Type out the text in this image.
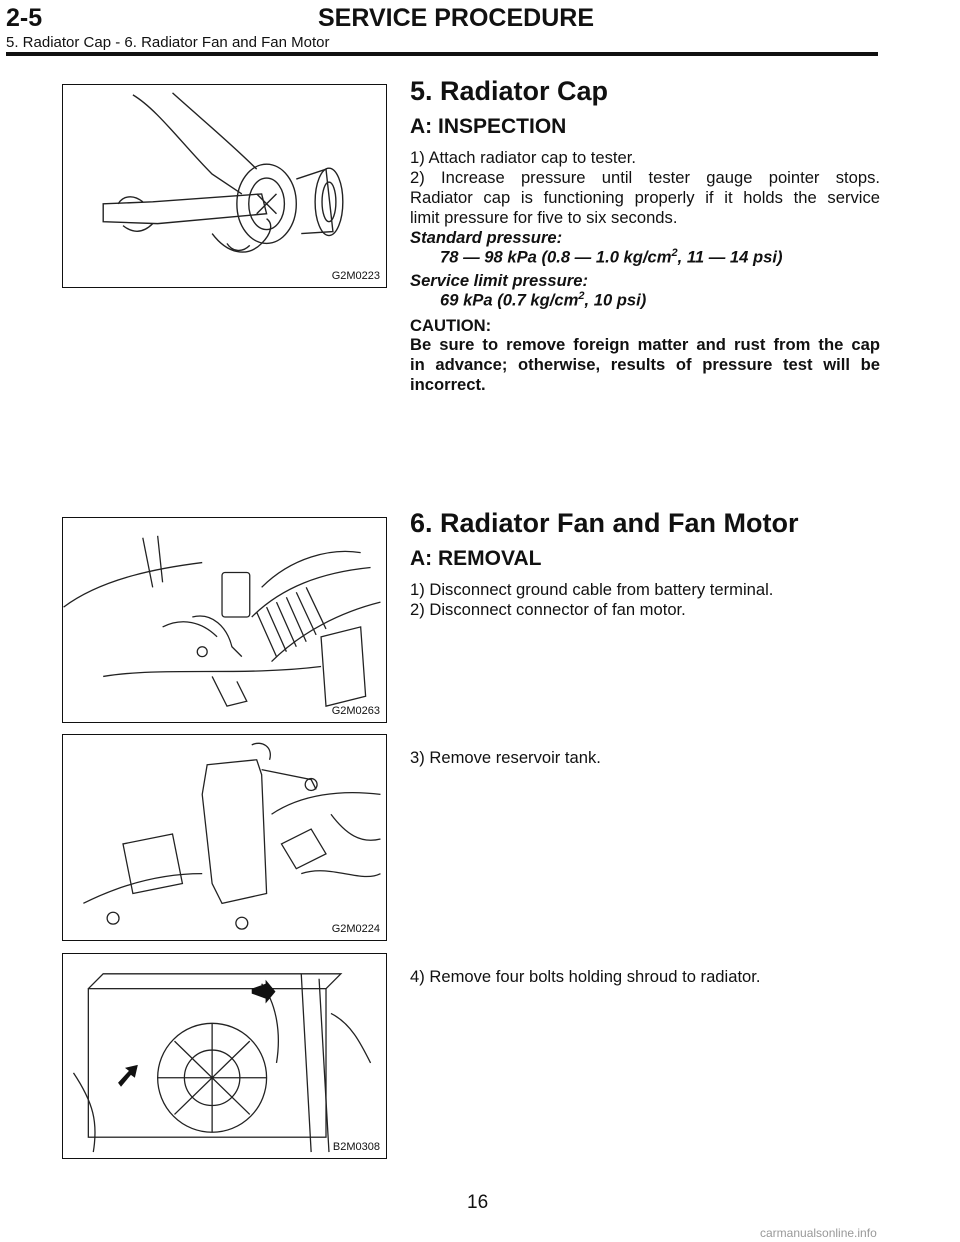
2-5	SERVICE PROCEDURE
5. Radiator Cap - 6. Radiator Fan and Fan Motor
G2M0223
5. Radiator Cap
A: INSPECTION
1) Attach radiator cap to tester.
2) Increase pressure until tester gauge pointer stops.
Radiator cap is functioning properly if it holds the service
limit pressure for five to six seconds.
Standard pressure:
78 — 98 kPa (0.8 — 1.0 $kg/cm^2$, 11 — 14 psi)
Service limit pressure:
69 kPa (0.7 $kg/cm^2$, 10 psi)
CAUTION:
Be sure to remove foreign matter and rust from the cap
in advance; otherwise, results of pressure test will be
incorrect.
G2M0263
6. Radiator Fan and Fan Motor
A: REMOVAL
1) Disconnect ground cable from battery terminal.
2) Disconnect connector of fan motor.
G2M0224
3) Remove reservoir tank.
B2M0308
4) Remove four bolts holding shroud to radiator.
16
carmanualsonline.info
